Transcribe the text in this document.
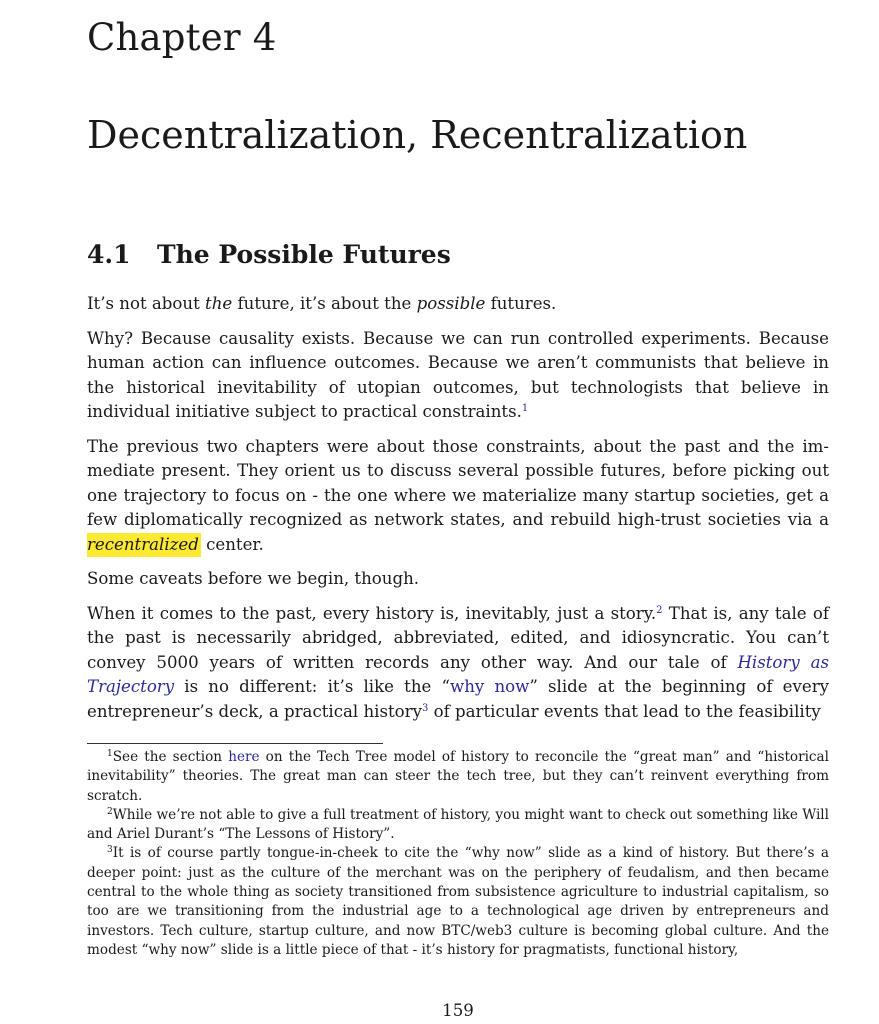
Chapter 4
Decentralization, Recentralization
4.1 The Possible Futures

It’s not about the future, it’s about the possible futures.

Why? Because causality exists. Because we can run controlled experiments. Because human action can influence outcomes. Because we aren’t communists that believe in the historical inevitability of utopian outcomes, but technologists that believe in individual initiative subject to practical constraints.$^1$

The previous two chapters were about those constraints, about the past and the immediate present. They orient us to discuss several possible futures, before picking out one trajectory to focus on - the one where we materialize many startup societies, get a few diplomatically recognized as network states, and rebuild high-trust societies via a recentralized center.

Some caveats before we begin, though.

When it comes to the past, every history is, inevitably, just a story.$^2$ That is, any tale of the past is necessarily abridged, abbreviated, edited, and idiosyncratic. You can’t convey 5000 years of written records any other way. And our tale of History as Trajectory is no different: it’s like the “why now” slide at the beginning of every entrepreneur’s deck, a practical history$^3$ of particular events that lead to the feasibility

$^1$See the section here on the Tech Tree model of history to reconcile the “great man” and “historical inevitability” theories. The great man can steer the tech tree, but they can’t reinvent everything from scratch.

$^2$While we’re not able to give a full treatment of history, you might want to check out something like Will and Ariel Durant’s “The Lessons of History”.

$^3$It is of course partly tongue-in-cheek to cite the “why now” slide as a kind of history. But there’s a deeper point: just as the culture of the merchant was on the periphery of feudalism, and then became central to the whole thing as society transitioned from subsistence agriculture to industrial capitalism, so too are we transitioning from the industrial age to a technological age driven by entrepreneurs and investors. Tech culture, startup culture, and now BTC/web3 culture is becoming global culture. And the modest “why now” slide is a little piece of that - it’s history for pragmatists, functional history,

159
